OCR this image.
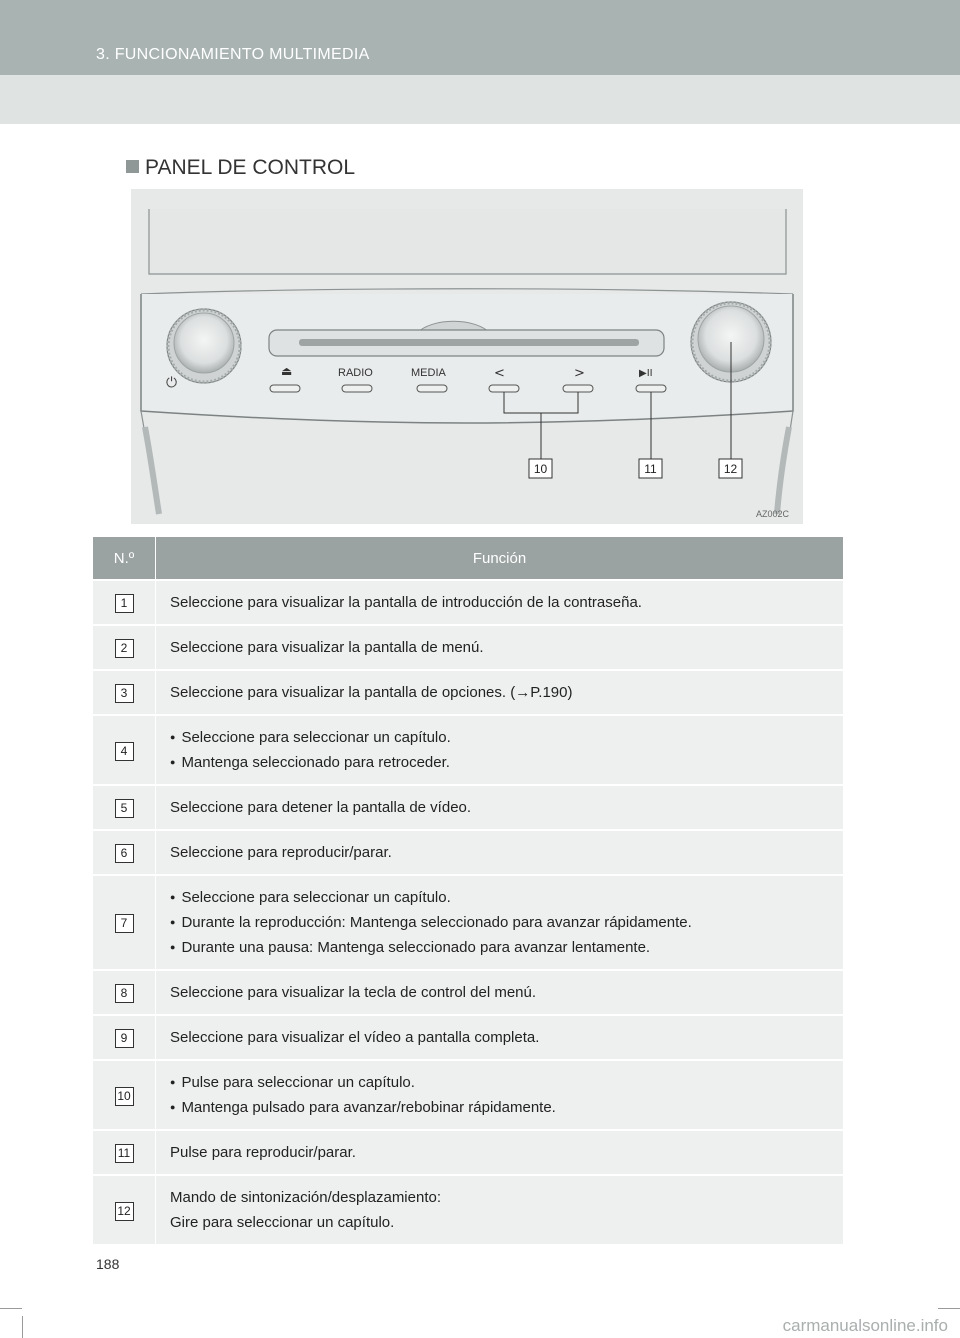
3. FUNCIONAMIENTO MULTIMEDIA
PANEL DE CONTROL
⏻
⏏	RADIO	MEDIA	<	>	▶II
10	11	12
AZ002C
N.º	Función
1	Seleccione para visualizar la pantalla de introducción de la contraseña.

2	Seleccione para visualizar la pantalla de menú.

3	Seleccione para visualizar la pantalla de opciones. (→P.190)

4	● Seleccione para seleccionar un capítulo.
● Mantenga seleccionado para retroceder.

5	Seleccione para detener la pantalla de vídeo.

6	Seleccione para reproducir/parar.

7	● Seleccione para seleccionar un capítulo.
● Durante la reproducción: Mantenga seleccionado para avanzar rápidamente.
● Durante una pausa: Mantenga seleccionado para avanzar lentamente.

8	Seleccione para visualizar la tecla de control del menú.

9	Seleccione para visualizar el vídeo a pantalla completa.

10	● Pulse para seleccionar un capítulo.
● Mantenga pulsado para avanzar/rebobinar rápidamente.

11	Pulse para reproducir/parar.

12	Mando de sintonización/desplazamiento:
Gire para seleccionar un capítulo.
188
carmanualsonline.info
